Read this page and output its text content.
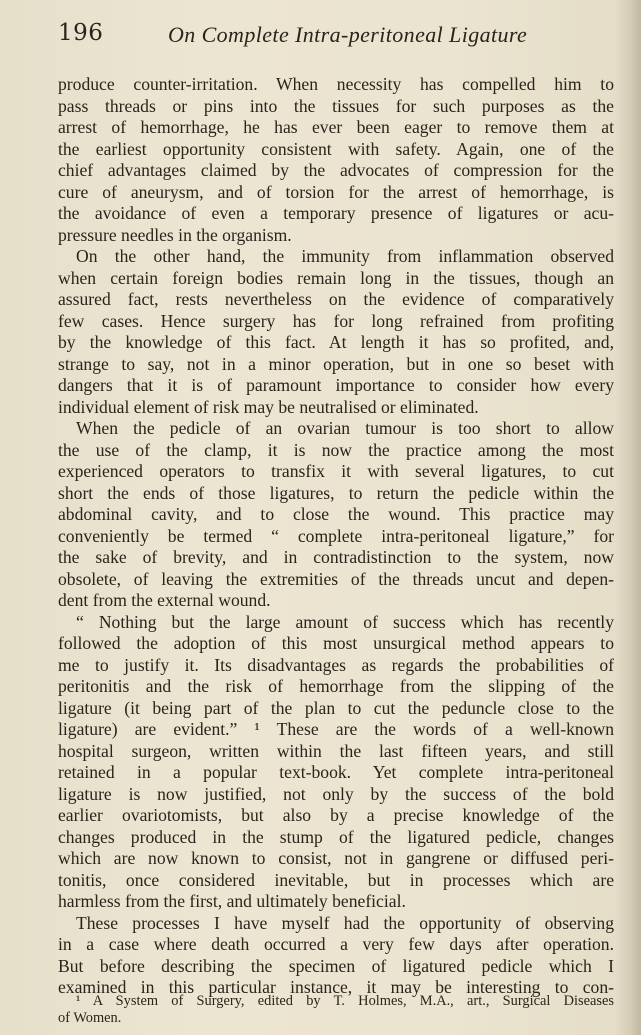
196	On Complete Intra-peritoneal Ligature
produce counter-irritation. When necessity has compelled him to
pass threads or pins into the tissues for such purposes as the
arrest of hemorrhage, he has ever been eager to remove them at
the earliest opportunity consistent with safety. Again, one of the
chief advantages claimed by the advocates of compression for the
cure of aneurysm, and of torsion for the arrest of hemorrhage, is
the avoidance of even a temporary presence of ligatures or acu-
pressure needles in the organism.
On the other hand, the immunity from inflammation observed
when certain foreign bodies remain long in the tissues, though an
assured fact, rests nevertheless on the evidence of comparatively
few cases. Hence surgery has for long refrained from profiting
by the knowledge of this fact. At length it has so profited, and,
strange to say, not in a minor operation, but in one so beset with
dangers that it is of paramount importance to consider how every
individual element of risk may be neutralised or eliminated.
When the pedicle of an ovarian tumour is too short to allow
the use of the clamp, it is now the practice among the most
experienced operators to transfix it with several ligatures, to cut
short the ends of those ligatures, to return the pedicle within the
abdominal cavity, and to close the wound. This practice may
conveniently be termed “ complete intra-peritoneal ligature,” for
the sake of brevity, and in contradistinction to the system, now
obsolete, of leaving the extremities of the threads uncut and depen-
dent from the external wound.
“ Nothing but the large amount of success which has recently
followed the adoption of this most unsurgical method appears to
me to justify it. Its disadvantages as regards the probabilities of
peritonitis and the risk of hemorrhage from the slipping of the
ligature (it being part of the plan to cut the peduncle close to the
ligature) are evident.” ¹ These are the words of a well-known
hospital surgeon, written within the last fifteen years, and still
retained in a popular text-book. Yet complete intra-peritoneal
ligature is now justified, not only by the success of the bold
earlier ovariotomists, but also by a precise knowledge of the
changes produced in the stump of the ligatured pedicle, changes
which are now known to consist, not in gangrene or diffused peri-
tonitis, once considered inevitable, but in processes which are
harmless from the first, and ultimately beneficial.
These processes I have myself had the opportunity of observing
in a case where death occurred a very few days after operation.
But before describing the specimen of ligatured pedicle which I
examined in this particular instance, it may be interesting to con-
¹ A System of Surgery, edited by T. Holmes, M.A., art., Surgical Diseases
of Women.
